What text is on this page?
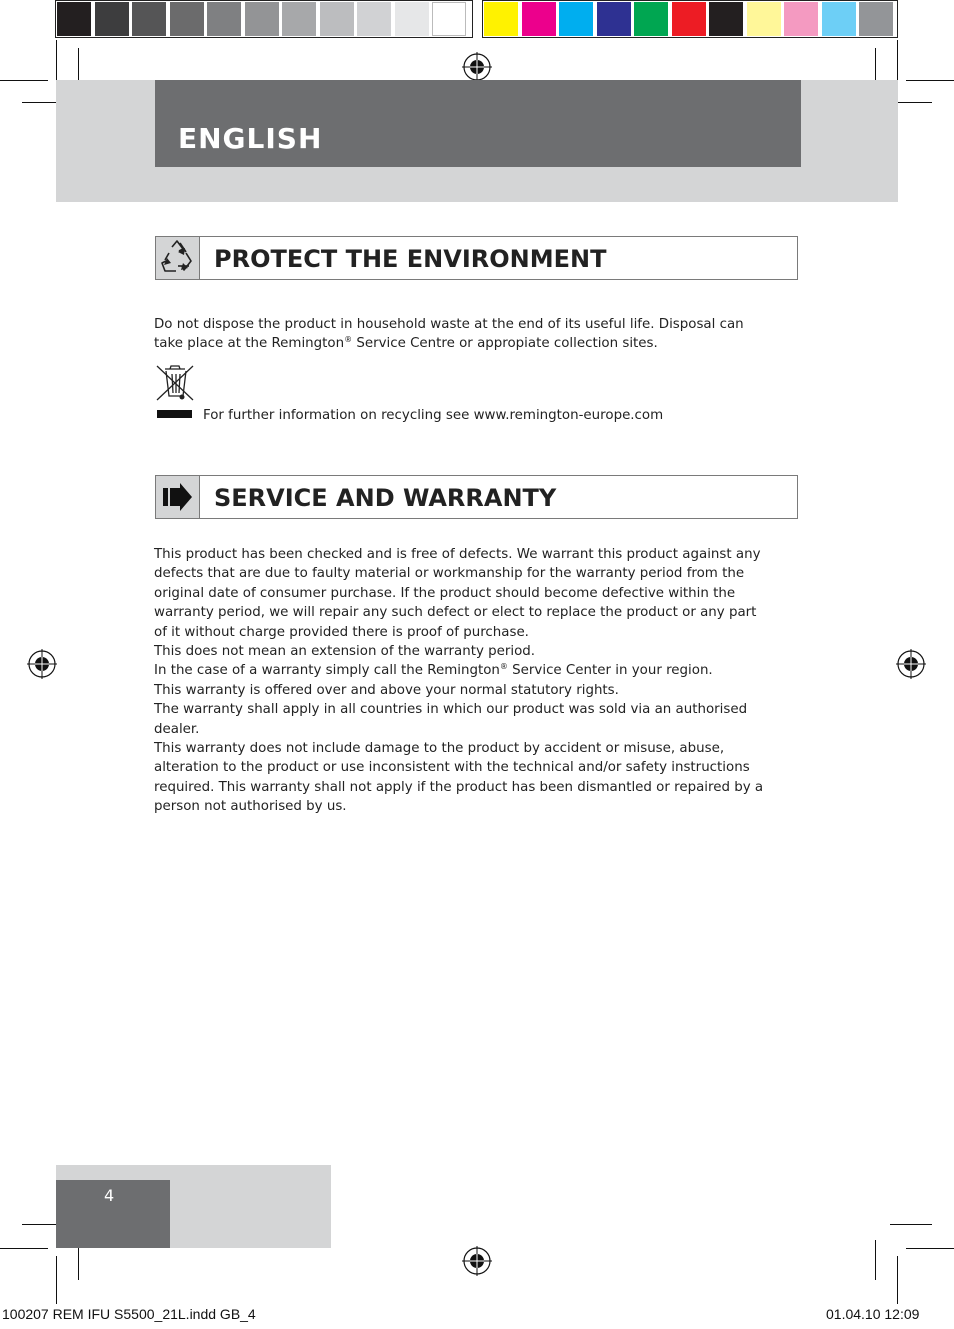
ENGLISH
PROTECT THE ENVIRONMENT

Do not dispose the product in household waste at the end of its useful life. Disposal can

take place at the Remington® Service Centre or appropiate collection sites.

For further information on recycling see www.remington-europe.com
SERVICE AND WARRANTY

This product has been checked and is free of defects. We warrant this product against any

defects that are due to faulty material or workmanship for the warranty period from the

original date of consumer purchase. If the product should become defective within the

warranty period, we will repair any such defect or elect to replace the product or any part

of it without charge provided there is proof of purchase.

This does not mean an extension of the warranty period.

In the case of a warranty simply call the Remington® Service Center in your region.

This warranty is offered over and above your normal statutory rights.

The warranty shall apply in all countries in which our product was sold via an authorised

dealer.

This warranty does not include damage to the product by accident or misuse, abuse,

alteration to the product or use inconsistent with the technical and/or safety instructions

required. This warranty shall not apply if the product has been dismantled or repaired by a

person not authorised by us.

4
100207 REM IFU S5500_21L.indd GB_4	01.04.10 12:09
